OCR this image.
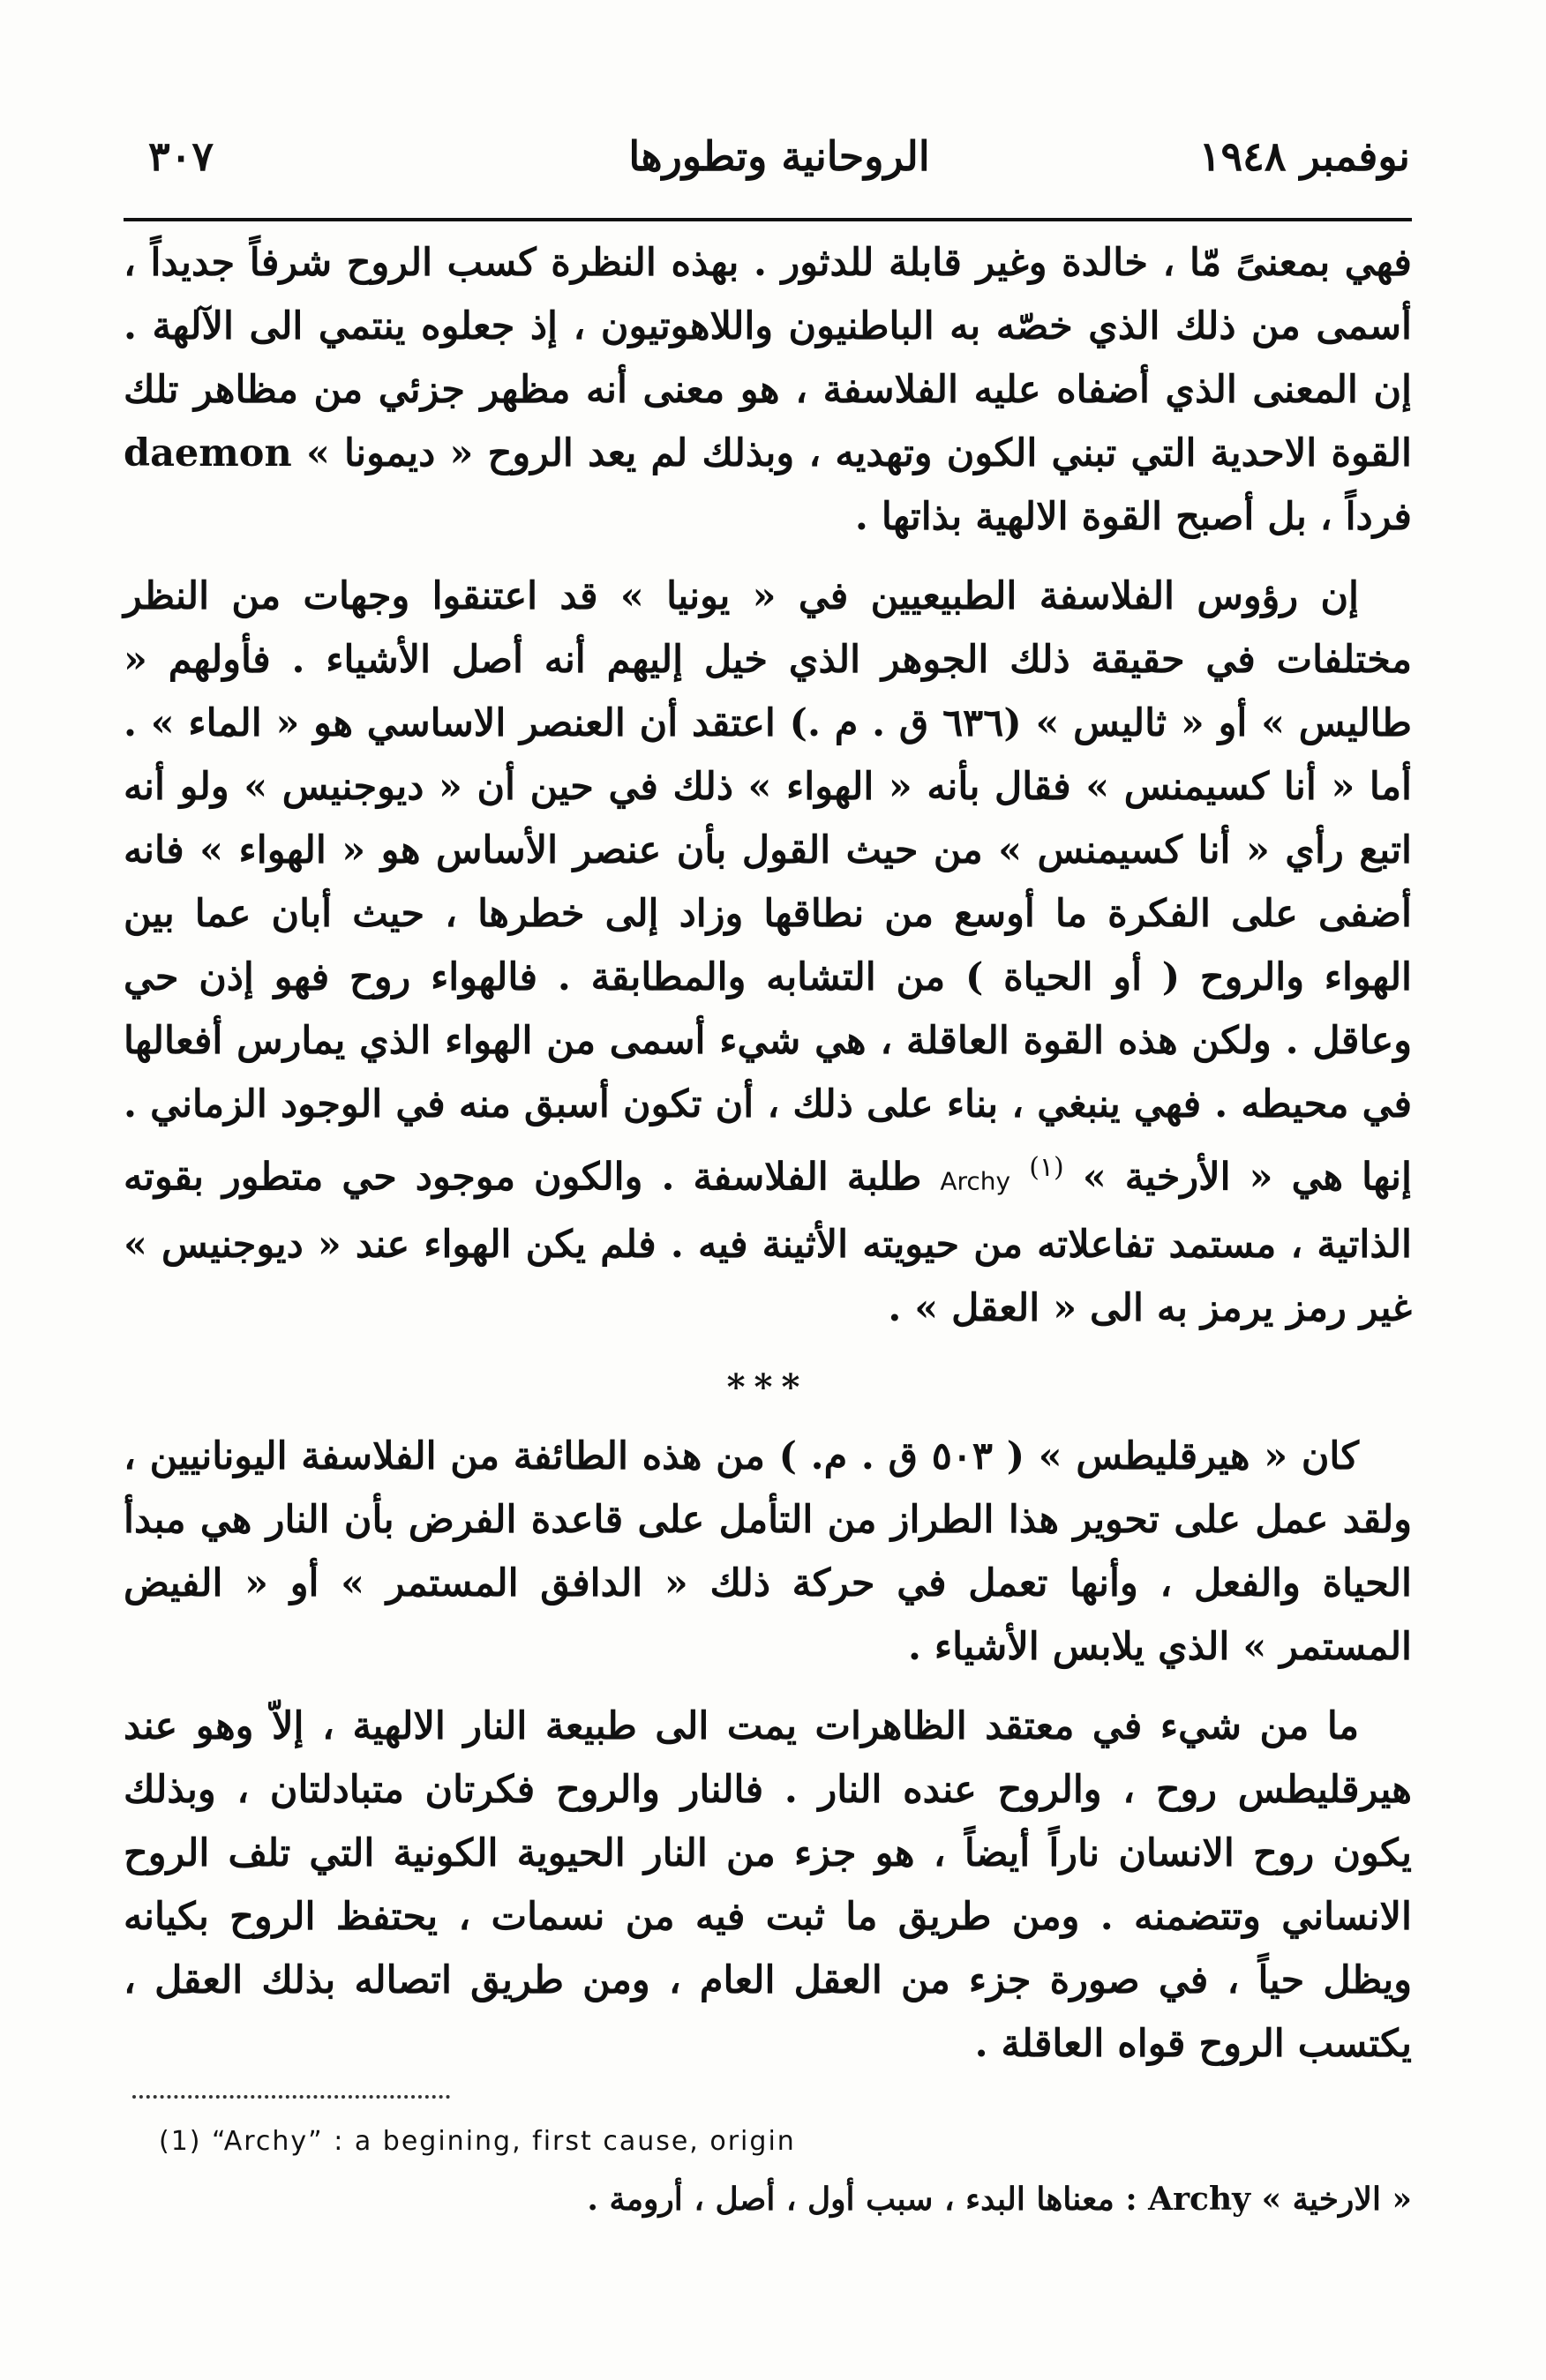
نوفمبر ١٩٤٨
الروحانية وتطورها
٣٠٧

فهي بمعنىً مّا ، خالدة وغير قابلة للدثور . بهذه النظرة كسب الروح شرفاً جديداً ، أسمى من ذلك الذي خصّه به الباطنيون واللاهوتيون ، إذ جعلوه ينتمي الى الآلهة . إن المعنى الذي أضفاه عليه الفلاسفة ، هو معنى أنه مظهر جزئي من مظاهر تلك القوة الاحدية التي تبني الكون وتهديه ، وبذلك لم يعد الروح « ديمونا » daemon فرداً ، بل أصبح القوة الالهية بذاتها .

إن رؤوس الفلاسفة الطبيعيين في « يونيا » قد اعتنقوا وجهات من النظر مختلفات في حقيقة ذلك الجوهر الذي خيل إليهم أنه أصل الأشياء . فأولهم « طاليس » أو « ثاليس » (٦٣٦ ق . م .) اعتقد أن العنصر الاساسي هو « الماء » . أما « أنا كسيمنس » فقال بأنه « الهواء » ذلك في حين أن « ديوجنيس » ولو أنه اتبع رأي « أنا كسيمنس » من حيث القول بأن عنصر الأساس هو « الهواء » فانه أضفى على الفكرة ما أوسع من نطاقها وزاد إلى خطرها ، حيث أبان عما بين الهواء والروح ( أو الحياة ) من التشابه والمطابقة . فالهواء روح فهو إذن حي وعاقل . ولكن هذه القوة العاقلة ، هي شيء أسمى من الهواء الذي يمارس أفعالها في محيطه . فهي ينبغي ، بناء على ذلك ، أن تكون أسبق منه في الوجود الزماني . إنها هي « الأرخية » $^{(١)}$ Archy طلبة الفلاسفة . والكون موجود حي متطور بقوته الذاتية ، مستمد تفاعلاته من حيويته الأثينة فيه . فلم يكن الهواء عند « ديوجنيس » غير رمز يرمز به الى « العقل » .

***

كان « هيرقليطس » ( ٥٠٣ ق . م. ) من هذه الطائفة من الفلاسفة اليونانيين ، ولقد عمل على تحوير هذا الطراز من التأمل على قاعدة الفرض بأن النار هي مبدأ الحياة والفعل ، وأنها تعمل في حركة ذلك « الدافق المستمر » أو « الفيض المستمر » الذي يلابس الأشياء .

ما من شيء في معتقد الظاهرات يمت الى طبيعة النار الالهية ، إلاّ وهو عند هيرقليطس روح ، والروح عنده النار . فالنار والروح فكرتان متبادلتان ، وبذلك يكون روح الانسان ناراً أيضاً ، هو جزء من النار الحيوية الكونية التي تلف الروح الانساني وتتضمنه . ومن طريق ما ثبت فيه من نسمات ، يحتفظ الروح بكيانه ويظل حياً ، في صورة جزء من العقل العام ، ومن طريق اتصاله بذلك العقل ، يكتسب الروح قواه العاقلة .

(1) “Archy” : a begining, first cause, origin
« الارخية » Archy : معناها البدء ، سبب أول ، أصل ، أرومة .
